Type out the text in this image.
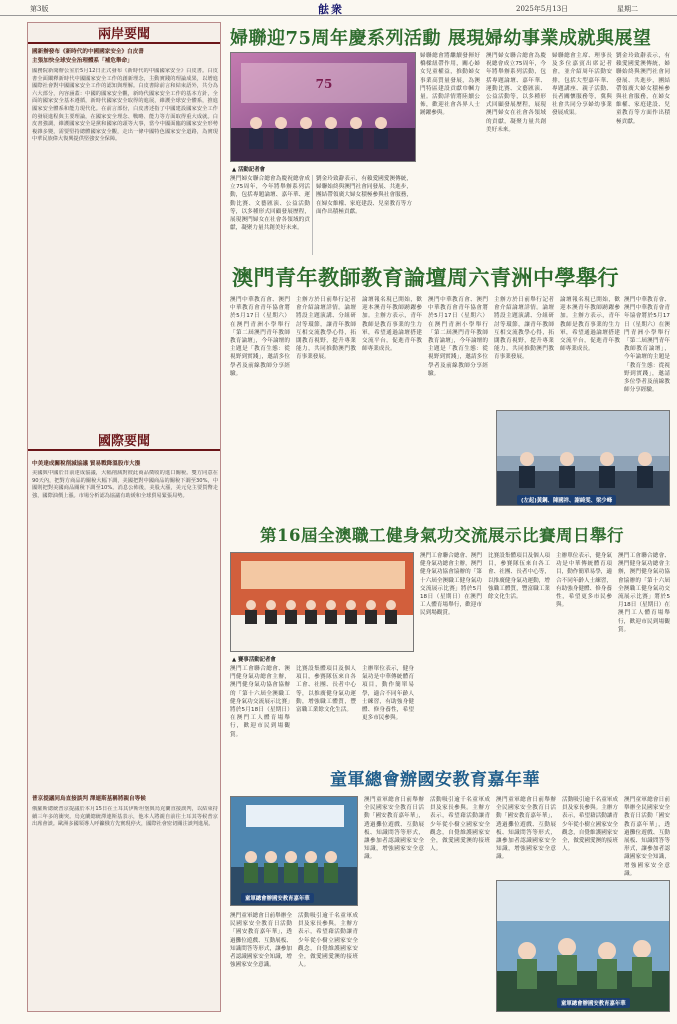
第3版	䏻衆	2025年5月13日	星期二
兩岸要聞
國新辦發布《新時代的中國國家安全》白皮書
主張加快全球安全治理體系「補危舉命」
國務院新聞辦公室於5月12日正式發布《新時代的中國國家安全》白皮書。白皮書全面闡釋新時代中國國家安全工作的創新理念，主動實踐的理論成果，以增進國際社會對中國國家安全工作的認知與理解。白皮書除前言和結束語外，共分為六大部分，內容涵蓋：中國的國家安全觀，新時代國家安全工作的基本方針，全面的國家安全基本遵循，新時代國家安全取得的進展，維護全球安全體系，推進國家安全體系和能力現代化。在前言部份，白皮書述指了中國建設國家安全工作的發展進程與主要理論，在國家安全理念、戰略、能力等方面取得重大成就。白皮書強調，維護國家安全是黨和國家的頭等大事，當今中國面臨的國家安全形勢複雜多變，需要堅持總體國家安全觀，走出一條中國特色國家安全道路，為實現中華民族偉大復興提供堅強安全保障。
國際要聞
中美達成關稅削減協議 貿易戰降溫股市大漲
美國與中國於日前達成協議，大幅削減對彼此商品徵收的進口關稅。雙方同意在90天內，把對方商品的關稅大幅下調，美國把對中國商品的關稅下調至30%，中國則把對美國商品關稅下調至10%。消息公佈後，美股大漲，美元兌主要貨幣走強，國際油價上漲。市場分析認為協議有助緩和全球貿易緊張局勢。
普京提議同烏直接談判 澤連斯基稱將親自等候
俄羅斯總統普京提議於本月15日在土耳其伊斯坦堡與烏克蘭直接談判，以結束持續三年多的衝突。烏克蘭總統澤連斯基表示，他本人將親自前往土耳其等候普京出席會談。歐洲多國領導人呼籲俄方先實現停火，國際社會密切關注談判進展。
婦聯迎75周年慶系列活動 展現婦幼事業成就與展望
75
▲ 活動記者會
澳門婦女聯合總會為慶祝總會成立75周年，今年將舉辦系列活動，包括專題論壇、嘉年華、運動比賽、文藝匯演、公益活動等，以多種形式回顧發展歷程，展現澳門婦女在社會各領域的貢獻，凝聚力量共創美好未來。
劉金玲致辭表示，有賴愛國愛澳傳統，婦聯始終與澳門社會同發展、共進步，團結帶領廣大婦女積極參與社會服務，在婦女維權、家庭建設、兒童教育等方面作出積極貢獻。
婦聯總會將繼續發揮好橋樑紐帶作用，關心婦女兒童權益，推動婦女事業高質量發展，為澳門特區建設貢獻巾幗力量。活動詳情將陸續公佈，歡迎社會各界人士踴躍參與。
澳門婦女聯合總會為慶祝總會成立75周年，今年將舉辦系列活動，包括專題論壇、嘉年華、運動比賽、文藝匯演、公益活動等，以多種形式回顧發展歷程，展現澳門婦女在社會各領域的貢獻，凝聚力量共創美好未來。
婦聯總會主席、理事長及多位嘉賓出席記者會，並介紹周年活動安排，包括大型嘉年華、專題講座、親子活動、長者關懷服務等，冀與社會共同分享婦幼事業發展成果。
劉金玲致辭表示，有賴愛國愛澳傳統，婦聯始終與澳門社會同發展、共進步，團結帶領廣大婦女積極參與社會服務，在婦女維權、家庭建設、兒童教育等方面作出積極貢獻。
澳門青年教師教育論壇周六青洲中學舉行
澳門中華教育會、澳門中華教育會青年協會將於5月17日（星期六）在澳門青洲小學舉行「第二屆澳門青年教師教育論壇」，今年論壇的主題是「教育生態：從視野到實踐」，邀請多位學者及前線教師分享經驗。
主辦方於日前舉行記者會介紹論壇詳情。論壇將設主題演講、分組研討等環節，讓青年教師互相交流教學心得，拓闊教育視野，提升專業能力，共同推動澳門教育事業發展。
論壇報名現已開始，歡迎本澳青年教師踴躍參加。主辦方表示，青年教師是教育事業的生力軍，希望通過論壇搭建交流平台，促進青年教師專業成長。
澳門中華教育會、澳門中華教育會青年協會將於5月17日（星期六）在澳門青洲小學舉行「第二屆澳門青年教師教育論壇」，今年論壇的主題是「教育生態：從視野到實踐」，邀請多位學者及前線教師分享經驗。
主辦方於日前舉行記者會介紹論壇詳情。論壇將設主題演講、分組研討等環節，讓青年教師互相交流教學心得，拓闊教育視野，提升專業能力，共同推動澳門教育事業發展。
論壇報名現已開始，歡迎本澳青年教師踴躍參加。主辦方表示，青年教師是教育事業的生力軍，希望通過論壇搭建交流平台，促進青年教師專業成長。
澳門中華教育會、澳門中華教育會青年協會將於5月17日（星期六）在澳門青洲小學舉行「第二屆澳門青年教師教育論壇」，今年論壇的主題是「教育生態：從視野到實踐」，邀請多位學者及前線教師分享經驗。
(左起)黃鋼、陳國祥、謝綺雯、梁少峰
第16屆全澳職工健身氣功交流展示比賽周日舉行
▲ 賽事活動記者會
澳門工會聯合總會、澳門健身氣功總會主辦，澳門健身氣功協會協辦的「第十六屆全澳職工健身氣功交流展示比賽」將於5月18日（星期日）在澳門工人體育場舉行，歡迎市民到場觀賞。
比賽設集體項目及個人項目，參賽隊伍來自各工會、社團、長者中心等，以推廣健身氣功運動，增強職工體質，豐富職工業餘文化生活。
主辦單位表示，健身氣功是中華傳統體育項目，動作簡單易學，適合不同年齡人士練習，有助強身健體、修身養性，希望更多市民參與。
澳門工會聯合總會、澳門健身氣功總會主辦，澳門健身氣功協會協辦的「第十六屆全澳職工健身氣功交流展示比賽」將於5月18日（星期日）在澳門工人體育場舉行，歡迎市民到場觀賞。
比賽設集體項目及個人項目，參賽隊伍來自各工會、社團、長者中心等，以推廣健身氣功運動，增強職工體質，豐富職工業餘文化生活。
主辦單位表示，健身氣功是中華傳統體育項目，動作簡單易學，適合不同年齡人士練習，有助強身健體、修身養性，希望更多市民參與。
澳門工會聯合總會、澳門健身氣功總會主辦，澳門健身氣功協會協辦的「第十六屆全澳職工健身氣功交流展示比賽」將於5月18日（星期日）在澳門工人體育場舉行，歡迎市民到場觀賞。
童軍總會辦國安教育嘉年華
童軍總會辦國安教育嘉年華
澳門童軍總會日前舉辦全民國家安全教育日活動「國安教育嘉年華」，透過攤位遊戲、互動展板、知識問答等形式，讓參加者認識國家安全知識，增強國家安全意識。
活動吸引逾千名童軍成員及家長參與。主辦方表示，希望藉活動讓青少年從小樹立國家安全觀念，自覺維護國家安全，做愛國愛澳的接班人。
澳門童軍總會日前舉辦全民國家安全教育日活動「國安教育嘉年華」，透過攤位遊戲、互動展板、知識問答等形式，讓參加者認識國家安全知識，增強國家安全意識。
活動吸引逾千名童軍成員及家長參與。主辦方表示，希望藉活動讓青少年從小樹立國家安全觀念，自覺維護國家安全，做愛國愛澳的接班人。
澳門童軍總會日前舉辦全民國家安全教育日活動「國安教育嘉年華」，透過攤位遊戲、互動展板、知識問答等形式，讓參加者認識國家安全知識，增強國家安全意識。
活動吸引逾千名童軍成員及家長參與。主辦方表示，希望藉活動讓青少年從小樹立國家安全觀念，自覺維護國家安全，做愛國愛澳的接班人。
澳門童軍總會日前舉辦全民國家安全教育日活動「國安教育嘉年華」，透過攤位遊戲、互動展板、知識問答等形式，讓參加者認識國家安全知識，增強國家安全意識。
童軍總會辦國安教育嘉年華
